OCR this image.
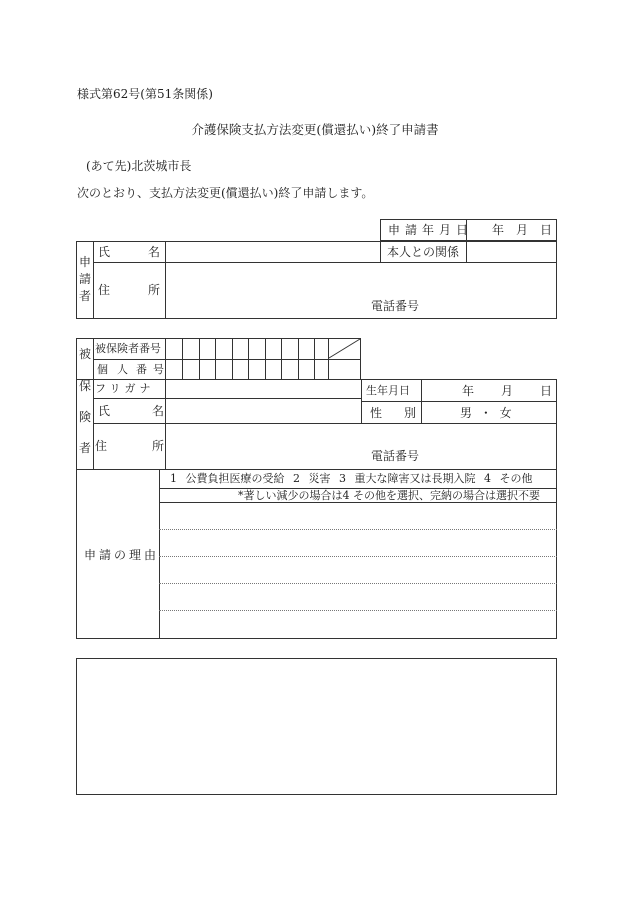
様式第62号(第51条関係)
介護保険支払方法変更(償還払い)終了申請書
(あて先)北茨城市長
次のとおり、支払方法変更(償還払い)終了申請します。
申請年月日 年 月 日
申
請
者
氏	名	本人との関係
住	所
電話番号
被保険者番号
個 人 番 号
被
保
険
者
フリガナ
氏	名
生年月日	年 月 日
性 別	男 ・ 女
住	所
電話番号
申請の理由
1 公費負担医療の受給 2 災害 3 重大な障害又は長期入院 4 その他
*著しい減少の場合は4 その他を選択、完納の場合は選択不要
